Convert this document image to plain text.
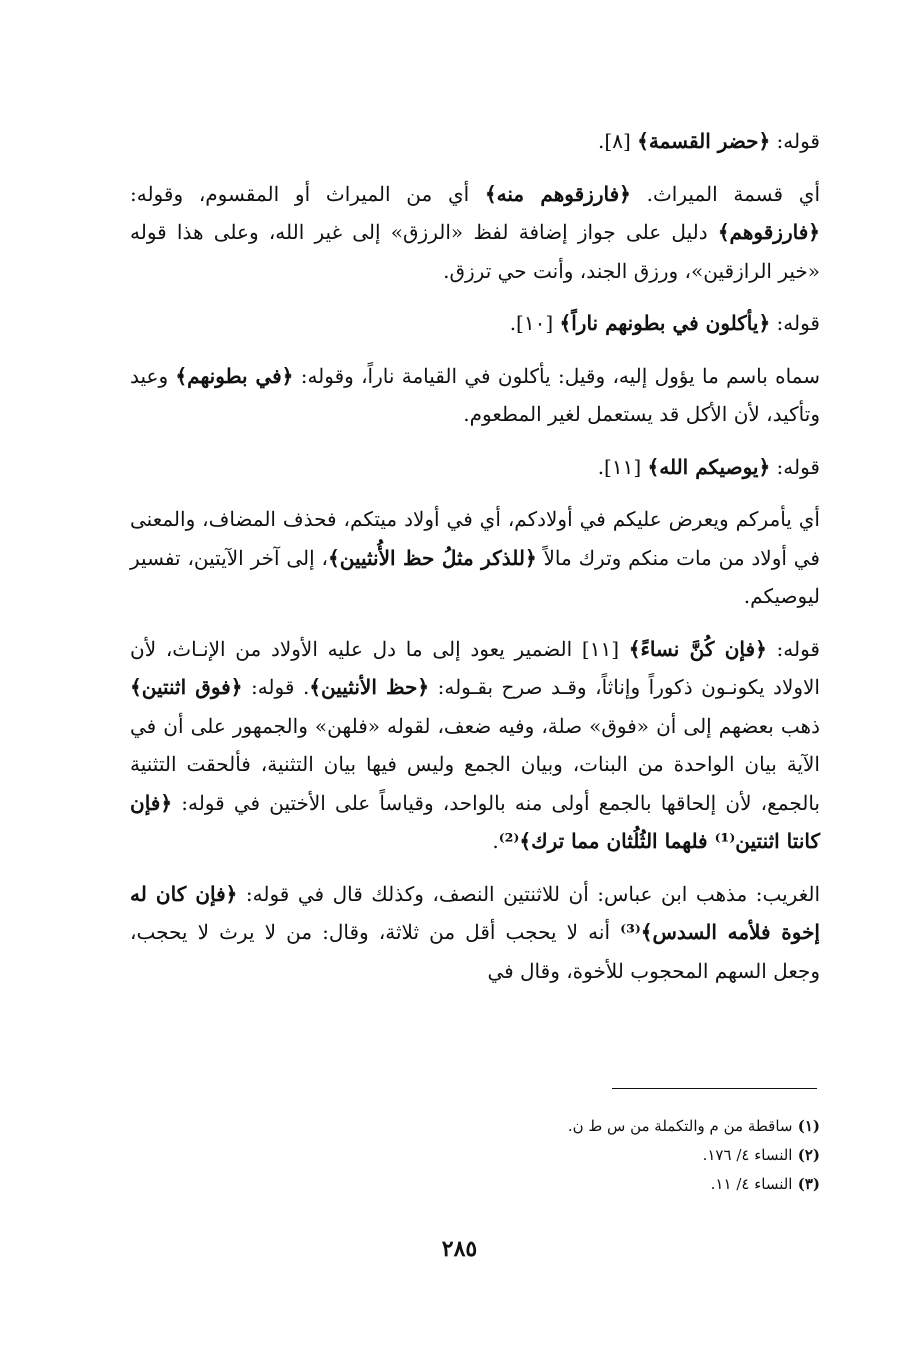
قوله: ﴿حضر القسمة﴾ [٨].

أي قسمة الميراث. ﴿فارزقوهم منه﴾ أي من الميراث أو المقسوم، وقوله: ﴿فارزقوهم﴾ دليل على جواز إضافة لفظ «الرزق» إلى غير الله، وعلى هذا قوله «خير الرازقين»، ورزق الجند، وأنت حي ترزق.

قوله: ﴿يأكلون في بطونهم ناراً﴾ [١٠].

سماه باسم ما يؤول إليه، وقيل: يأكلون في القيامة ناراً، وقوله: ﴿في بطونهم﴾ وعيد وتأكيد، لأن الأكل قد يستعمل لغير المطعوم.

قوله: ﴿يوصيكم الله﴾ [١١].

أي يأمركم ويعرض عليكم في أولادكم، أي في أولاد ميتكم، فحذف المضاف، والمعنى في أولاد من مات منكم وترك مالاً ﴿للذكر مثلُ حظ الأُنثيين﴾، إلى آخر الآيتين، تفسير ليوصيكم.

قوله: ﴿فإن كُنَّ نساءً﴾ [١١] الضمير يعود إلى ما دل عليه الأولاد من الإنـاث، لأن الاولاد يكونـون ذكوراً وإناثاً، وقـد صرح بقـوله: ﴿حظ الأنثيين﴾. قوله: ﴿فوق اثنتين﴾ ذهب بعضهم إلى أن «فوق» صلة، وفيه ضعف، لقوله «فلهن» والجمهور على أن في الآية بيان الواحدة من البنات، وبيان الجمع وليس فيها بيان التثنية، فألحقت التثنية بالجمع، لأن إلحاقها بالجمع أولى منه بالواحد، وقياساً على الأختين في قوله: ﴿فإن كانتا اثنتين⁽¹⁾ فلهما الثُلُثان مما ترك﴾⁽²⁾.

الغريب: مذهب ابن عباس: أن للاثنتين النصف، وكذلك قال في قوله: ﴿فإن كان له إخوة فلأمه السدس﴾⁽³⁾ أنه لا يحجب أقل من ثلاثة، وقال: من لا يرث لا يحجب، وجعل السهم المحجوب للأخوة، وقال في

(١) ساقطة من م والتكملة من س ط ن.

(٢) النساء ٤/ ١٧٦.

(٣) النساء ٤/ ١١.

٢٨٥
